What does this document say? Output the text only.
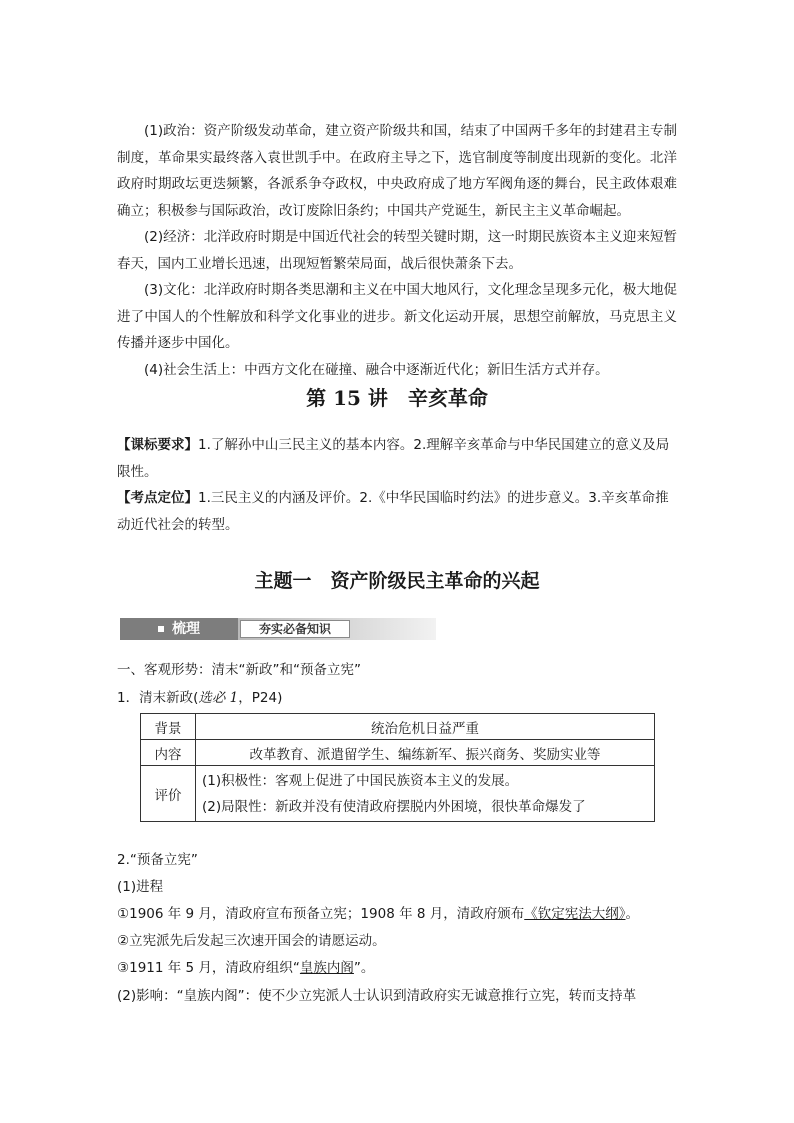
(1)政治：资产阶级发动革命，建立资产阶级共和国，结束了中国两千多年的封建君主专制制度，革命果实最终落入袁世凯手中。在政府主导之下，选官制度等制度出现新的变化。北洋政府时期政坛更迭频繁，各派系争夺政权，中央政府成了地方军阀角逐的舞台，民主政体艰难确立；积极参与国际政治，改订废除旧条约；中国共产党诞生，新民主主义革命崛起。

(2)经济：北洋政府时期是中国近代社会的转型关键时期，这一时期民族资本主义迎来短暂春天，国内工业增长迅速，出现短暂繁荣局面，战后很快萧条下去。

(3)文化：北洋政府时期各类思潮和主义在中国大地风行，文化理念呈现多元化，极大地促进了中国人的个性解放和科学文化事业的进步。新文化运动开展，思想空前解放，马克思主义传播并逐步中国化。

(4)社会生活上：中西方文化在碰撞、融合中逐渐近代化；新旧生活方式并存。

第 15 讲　辛亥革命

【课标要求】1.了解孙中山三民主义的基本内容。2.理解辛亥革命与中华民国建立的意义及局限性。

【考点定位】1.三民主义的内涵及评价。2.《中华民国临时约法》的进步意义。3.辛亥革命推动近代社会的转型。

主题一　资产阶级民主革命的兴起
梳理	夯实必备知识
一、客观形势：清末“新政”和“预备立宪”
1．清末新政(选必 1，P24)
背景	统治危机日益严重
内容	改革教育、派遣留学生、编练新军、振兴商务、奖励实业等
评价	(1)积极性：客观上促进了中国民族资本主义的发展。
(2)局限性：新政并没有使清政府摆脱内外困境，很快革命爆发了
2.“预备立宪”
(1)进程
①1906 年 9 月，清政府宣布预备立宪；1908 年 8 月，清政府颁布《钦定宪法大纲》。
②立宪派先后发起三次速开国会的请愿运动。
③1911 年 5 月，清政府组织“皇族内阁”。
(2)影响：“皇族内阁”：使不少立宪派人士认识到清政府实无诚意推行立宪，转而支持革
